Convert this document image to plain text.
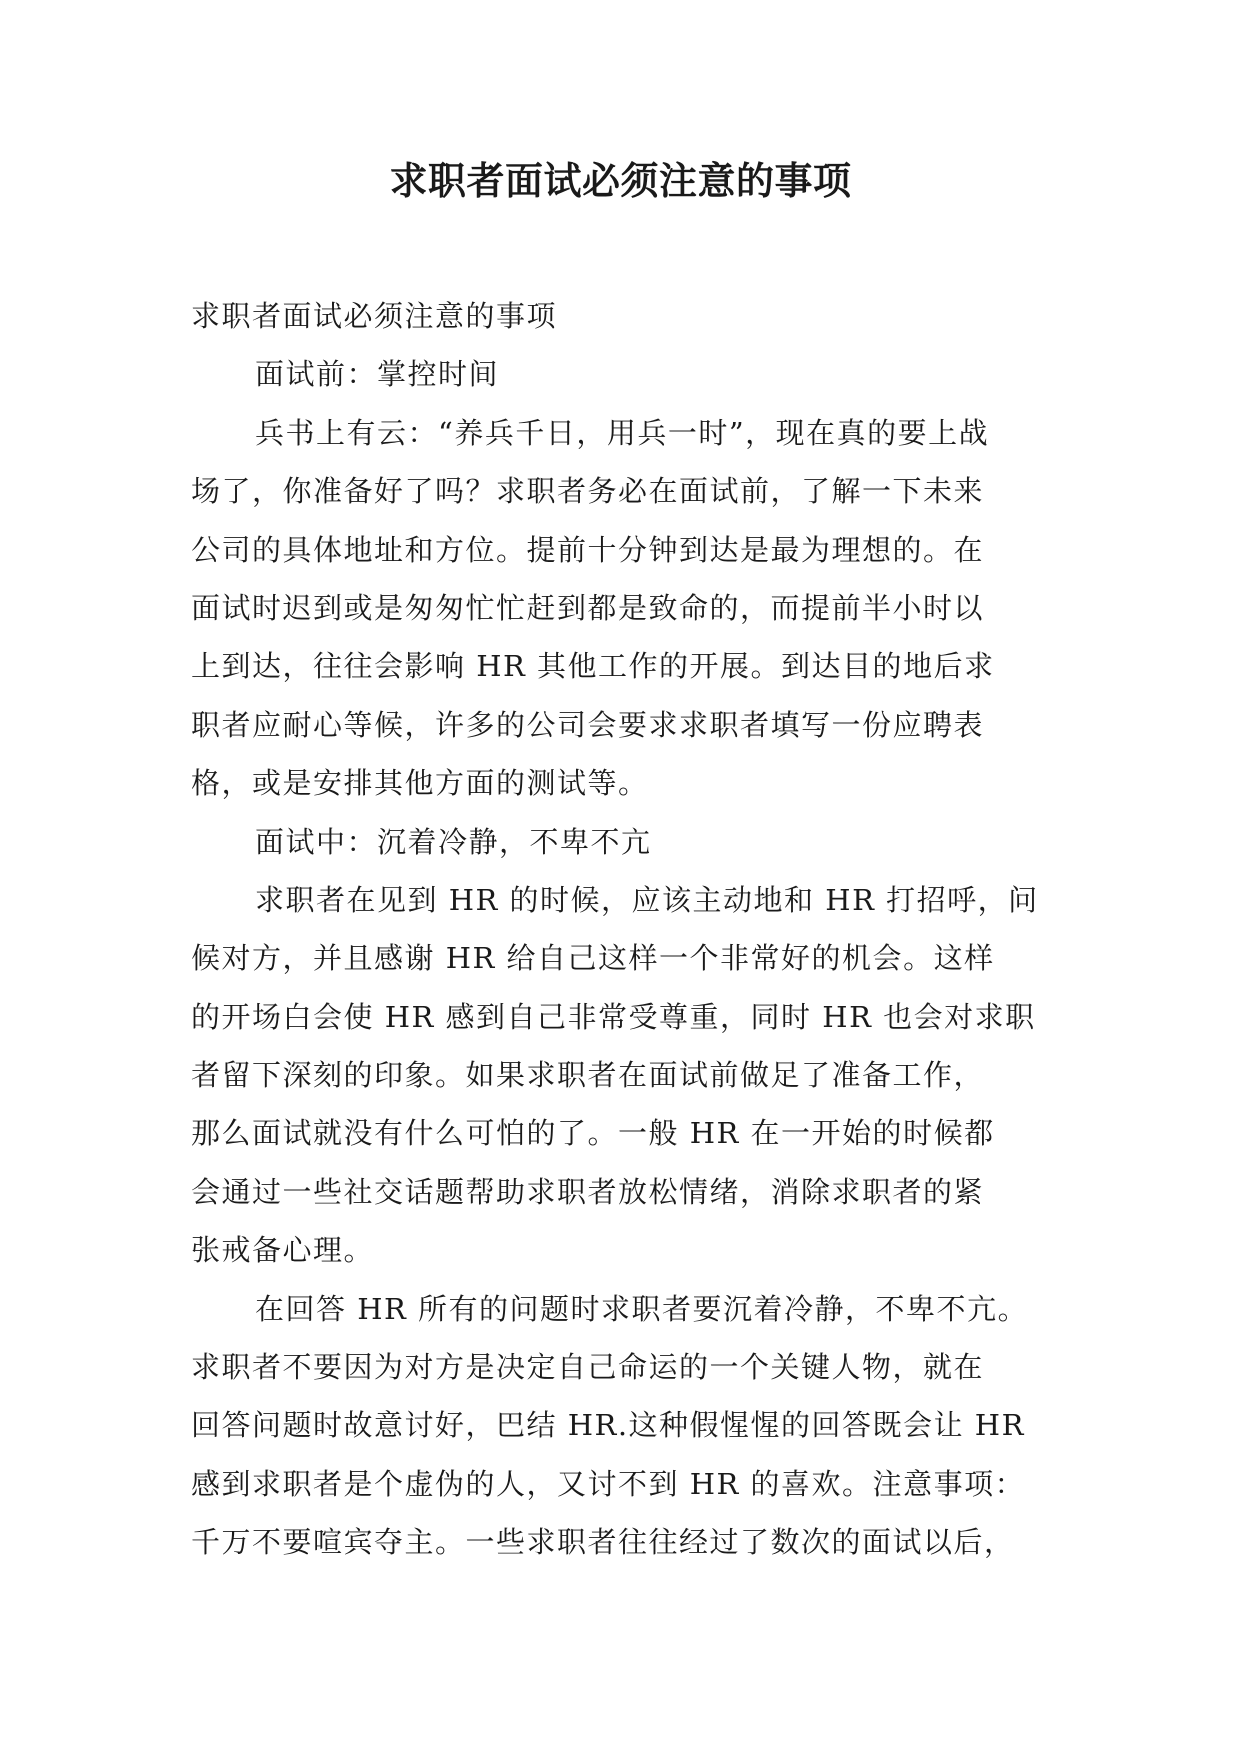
求职者面试必须注意的事项
求职者面试必须注意的事项
面试前：掌控时间
兵书上有云：“养兵千日，用兵一时”，现在真的要上战
场了，你准备好了吗？求职者务必在面试前，了解一下未来
公司的具体地址和方位。提前十分钟到达是最为理想的。在
面试时迟到或是匆匆忙忙赶到都是致命的，而提前半小时以
上到达，往往会影响 HR 其他工作的开展。到达目的地后求
职者应耐心等候，许多的公司会要求求职者填写一份应聘表
格，或是安排其他方面的测试等。
面试中：沉着冷静，不卑不亢
求职者在见到 HR 的时候，应该主动地和 HR 打招呼，问
候对方，并且感谢 HR 给自己这样一个非常好的机会。这样
的开场白会使 HR 感到自己非常受尊重，同时 HR 也会对求职
者留下深刻的印象。如果求职者在面试前做足了准备工作，
那么面试就没有什么可怕的了。一般 HR 在一开始的时候都
会通过一些社交话题帮助求职者放松情绪，消除求职者的紧
张戒备心理。
在回答 HR 所有的问题时求职者要沉着冷静，不卑不亢。
求职者不要因为对方是决定自己命运的一个关键人物，就在
回答问题时故意讨好，巴结 HR.这种假惺惺的回答既会让 HR
感到求职者是个虚伪的人，又讨不到 HR 的喜欢。注意事项：
千万不要喧宾夺主。一些求职者往往经过了数次的面试以后，
